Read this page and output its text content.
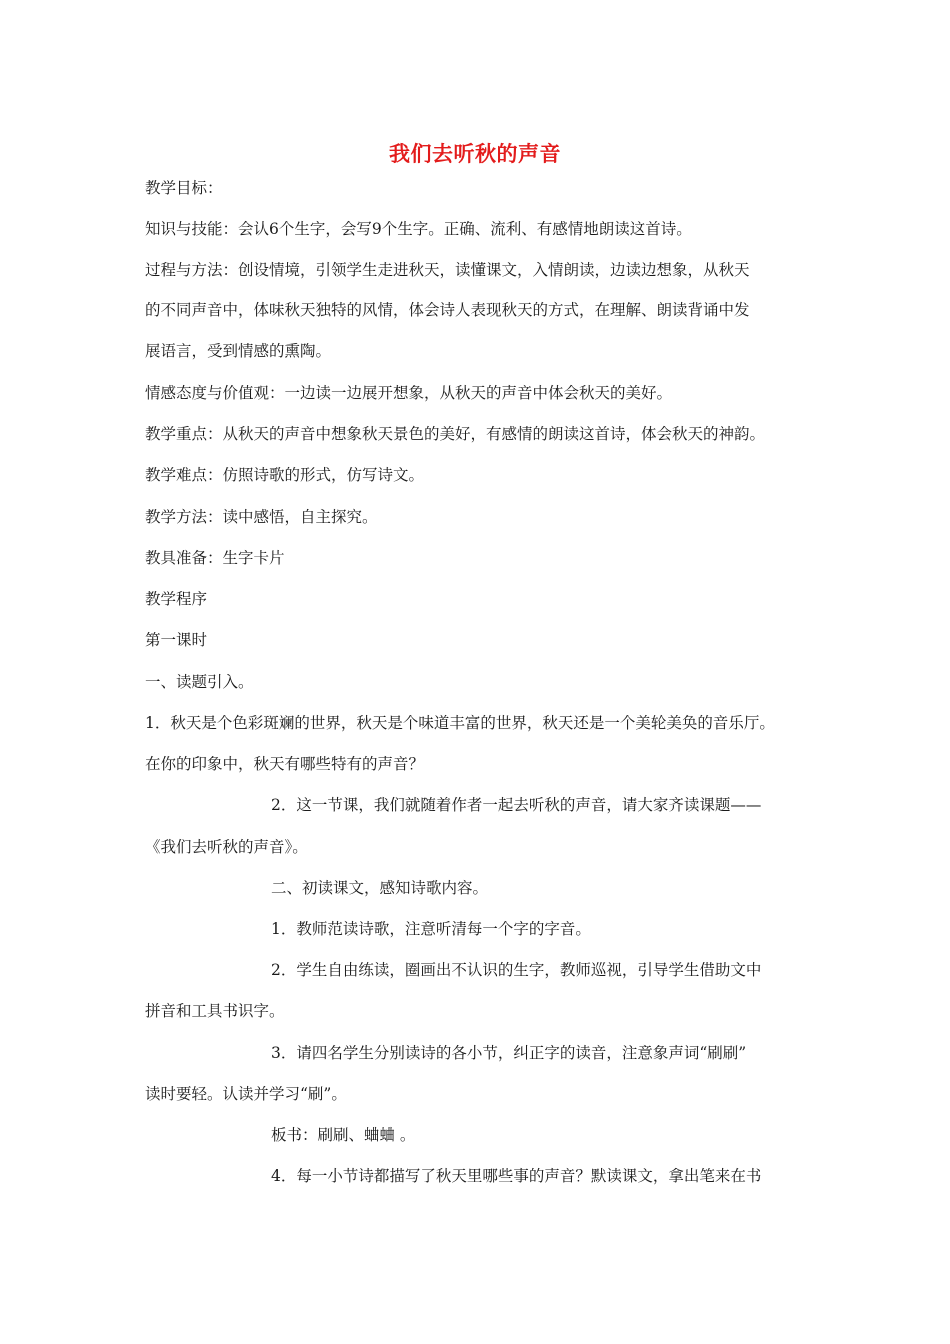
我们去听秋的声音
教学目标：
知识与技能：会认6个生字，会写9个生字。正确、流利、有感情地朗读这首诗。
过程与方法：创设情境，引领学生走进秋天，读懂课文，入情朗读，边读边想象，从秋天
的不同声音中，体味秋天独特的风情，体会诗人表现秋天的方式，在理解、朗读背诵中发
展语言，受到情感的熏陶。
情感态度与价值观：一边读一边展开想象，从秋天的声音中体会秋天的美好。
教学重点：从秋天的声音中想象秋天景色的美好，有感情的朗读这首诗，体会秋天的神韵。
教学难点：仿照诗歌的形式，仿写诗文。
教学方法：读中感悟，自主探究。
教具准备：生字卡片
教学程序
第一课时
一、读题引入。
1．秋天是个色彩斑斓的世界，秋天是个味道丰富的世界，秋天还是一个美轮美奂的音乐厅。
在你的印象中，秋天有哪些特有的声音？
2．这一节课，我们就随着作者一起去听秋的声音，请大家齐读课题——
《我们去听秋的声音》。
二、初读课文，感知诗歌内容。
1．教师范读诗歌，注意听清每一个字的字音。
2．学生自由练读，圈画出不认识的生字，教师巡视，引导学生借助文中
拼音和工具书识字。
3．请四名学生分别读诗的各小节，纠正字的读音，注意象声词“刷刷”
读时要轻。认读并学习“刷”。
板书：刷刷、蛐蛐 。
4．每一小节诗都描写了秋天里哪些事的声音？默读课文，拿出笔来在书
